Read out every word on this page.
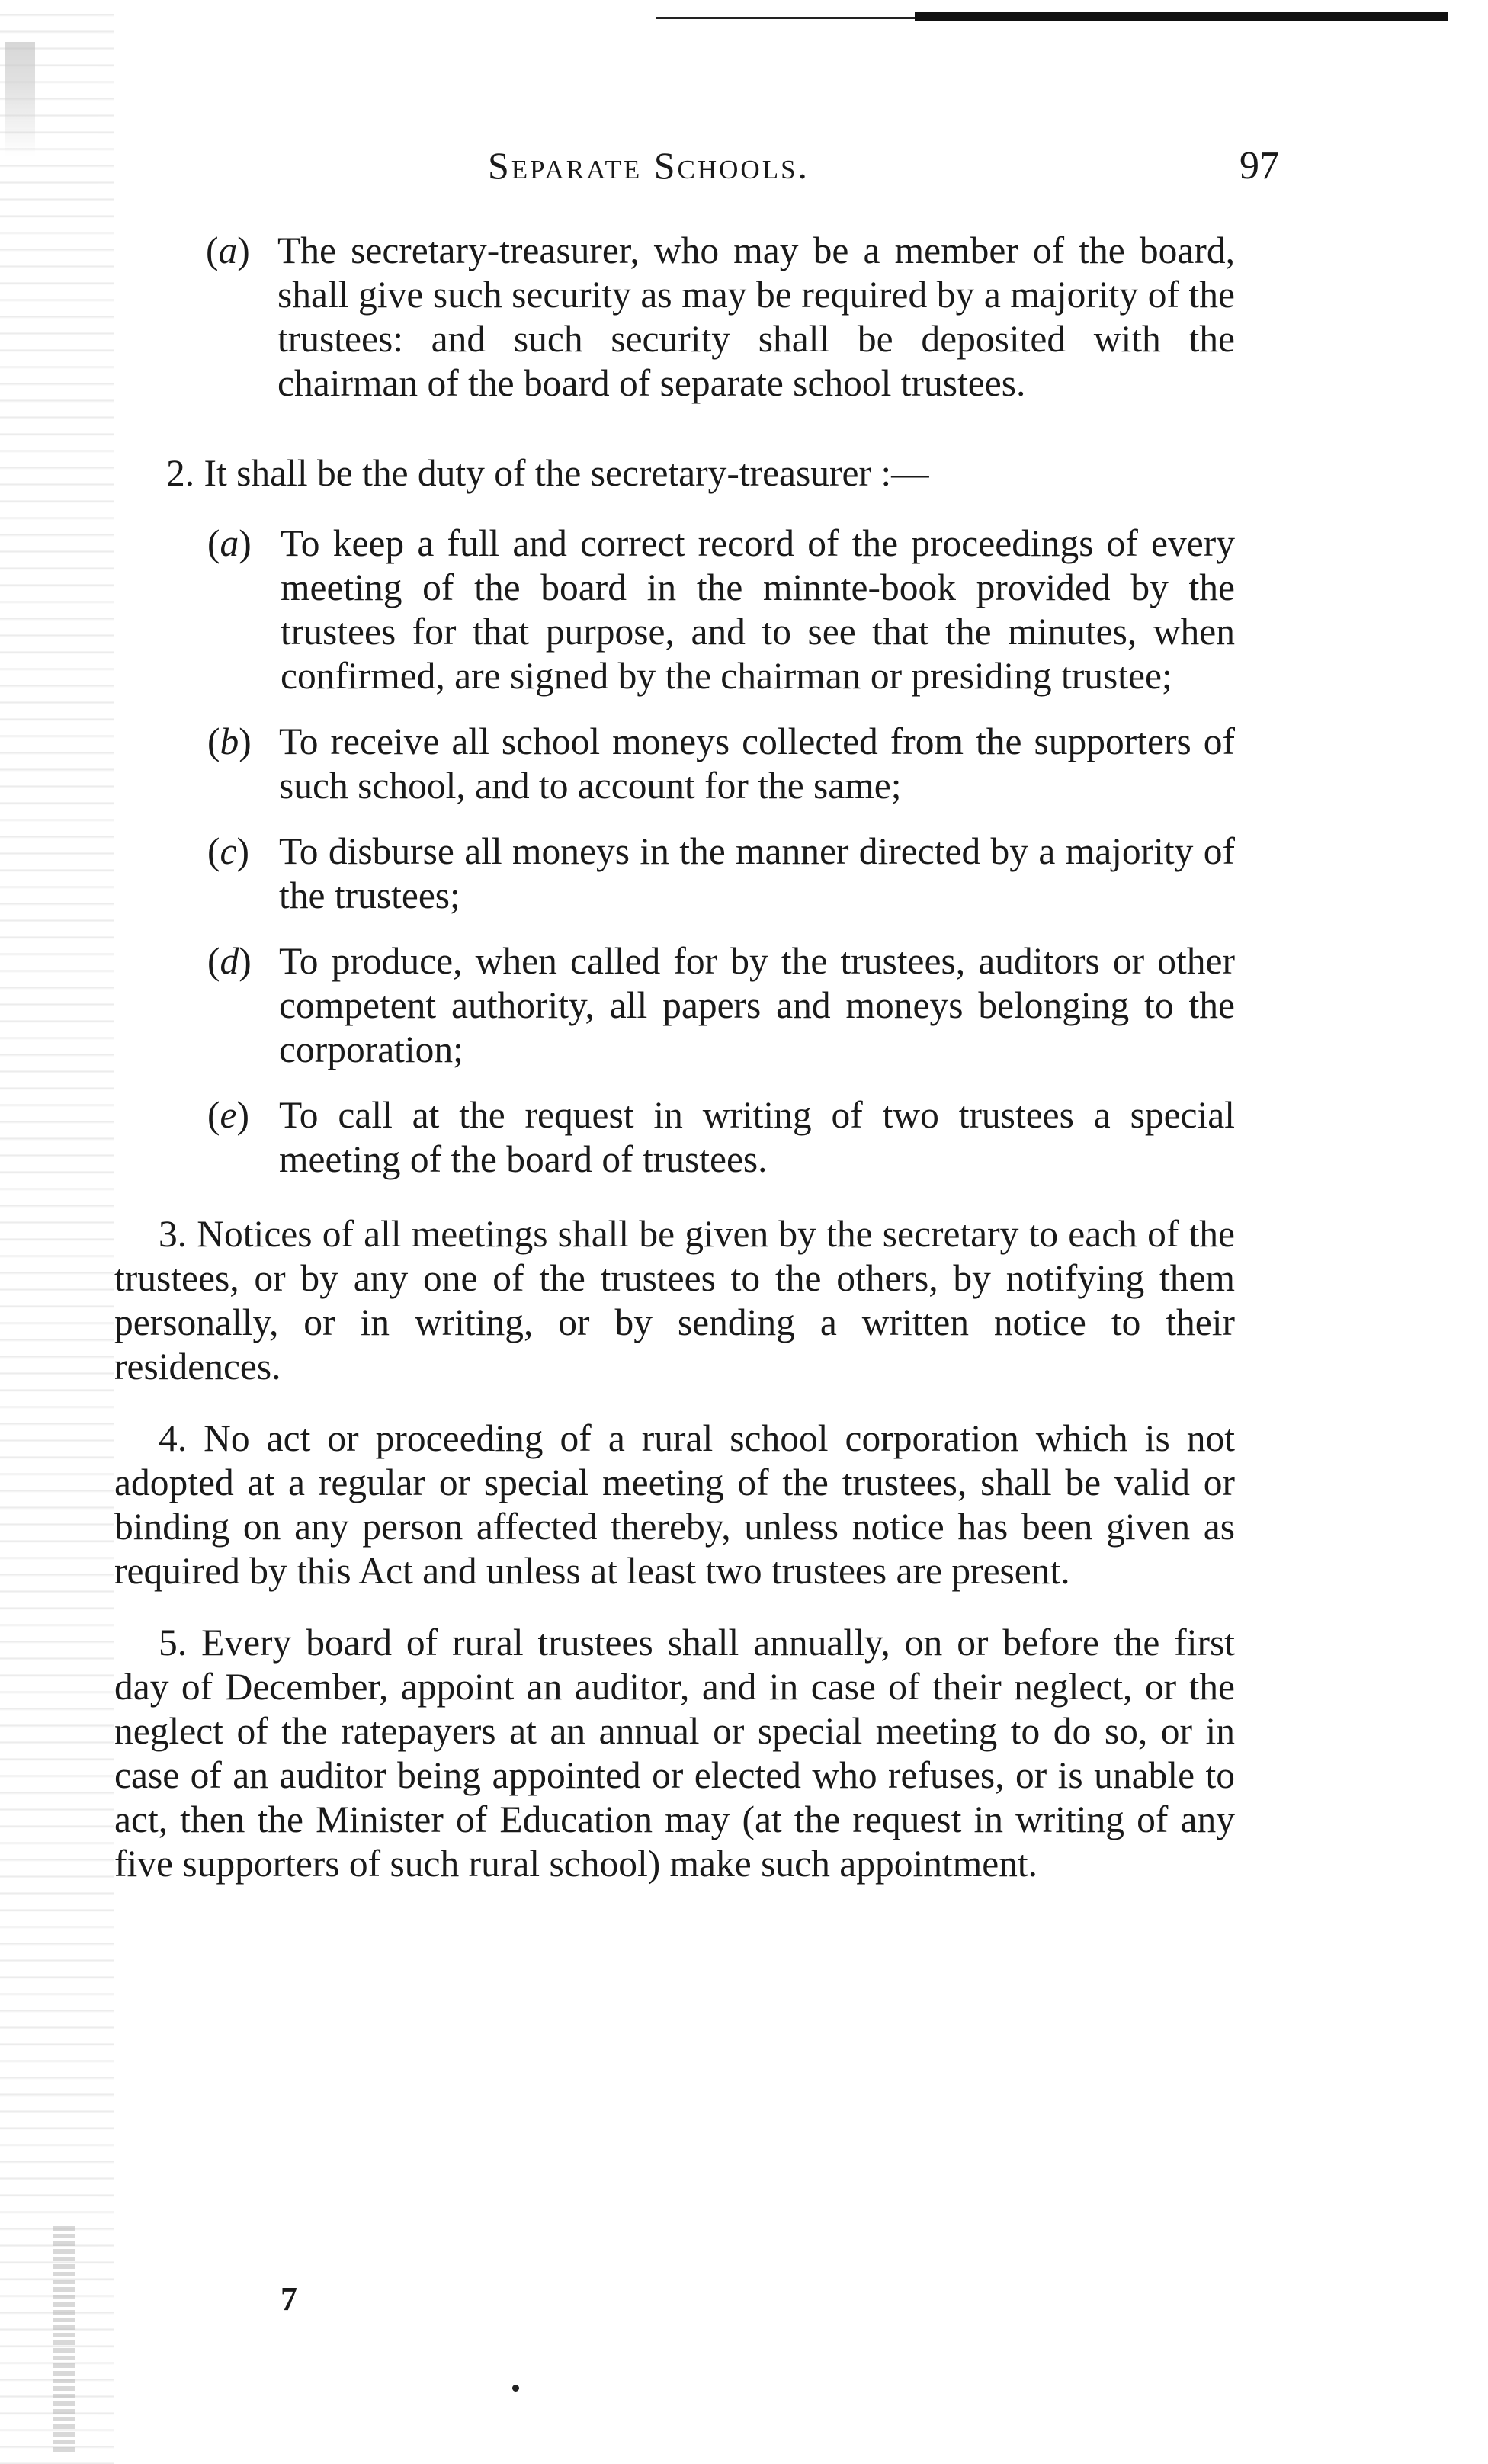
Separate Schools.	97
(a) The secretary-treasurer, who may be a member of the board, shall give such security as may be required by a majority of the trustees: and such security shall be deposited with the chairman of the board of separate school trustees.
2. It shall be the duty of the secretary-treasurer :—
(a) To keep a full and correct record of the proceedings of every meeting of the board in the minnte-book provided by the trustees for that purpose, and to see that the minutes, when confirmed, are signed by the chairman or presiding trustee;
(b) To receive all school moneys collected from the supporters of such school, and to account for the same;
(c) To disburse all moneys in the manner directed by a majority of the trustees;
(d) To produce, when called for by the trustees, auditors or other competent authority, all papers and moneys belonging to the corporation;
(e) To call at the request in writing of two trustees a special meeting of the board of trustees.
3. Notices of all meetings shall be given by the secretary to each of the trustees, or by any one of the trustees to the others, by notifying them personally, or in writing, or by sending a written notice to their residences.
4. No act or proceeding of a rural school corporation which is not adopted at a regular or special meeting of the trustees, shall be valid or binding on any person affected thereby, unless notice has been given as required by this Act and unless at least two trustees are present.
5. Every board of rural trustees shall annually, on or before the first day of December, appoint an auditor, and in case of their neglect, or the neglect of the ratepayers at an annual or special meeting to do so, or in case of an auditor being appointed or elected who refuses, or is unable to act, then the Minister of Education may (at the request in writing of any five supporters of such rural school) make such appointment.
7
